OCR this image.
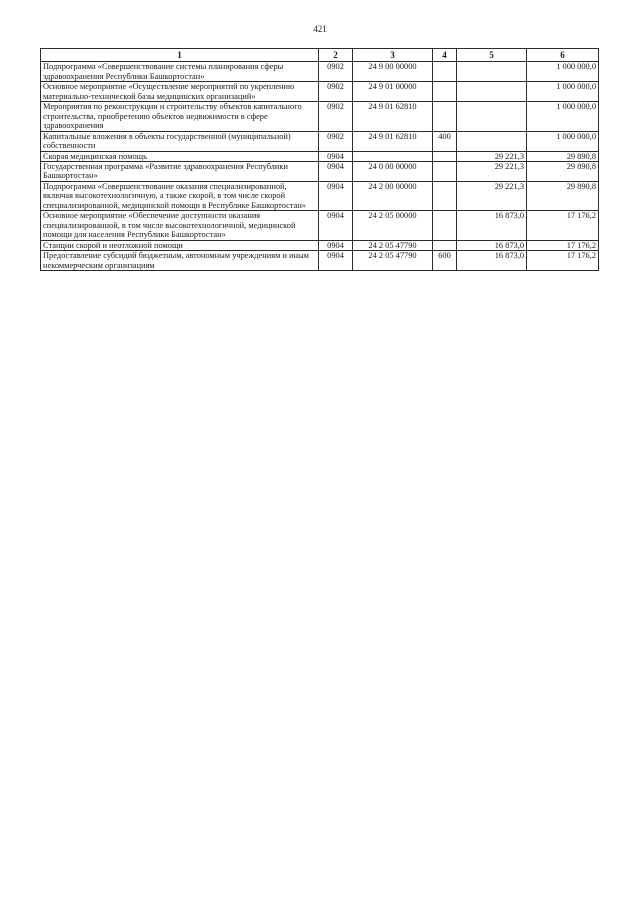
421
1	2	3	4	5	6
Подпрограмма «Совершенствование системы планирования сферы здравоохранения Республики Башкортостан»	0902	24 9 00 00000			1 000 000,0
Основное мероприятие «Осуществление мероприятий по укреплению материально-технической базы медицинских организаций»	0902	24 9 01 00000			1 000 000,0
Мероприятия по реконструкции и строительству объектов капитального строительства, приобретению объектов недвижимости в сфере здравоохранения	0902	24 9 01 62810			1 000 000,0
Капитальные вложения в объекты государственной (муниципальной) собственности	0902	24 9 01 62810	400		1 000 000,0
Скорая медицинская помощь	0904			29 221,3	29 890,8
Государственная программа «Развитие здравоохранения Республики Башкортостан»	0904	24 0 00 00000		29 221,3	29 890,8
Подпрограмма «Совершенствование оказания специализированной, включая высокотехнологичную, а также скорой, в том числе скорой специализированной, медицинской помощи в Республике Башкортостан»	0904	24 2 00 00000		29 221,3	29 890,8
Основное мероприятие «Обеспечение доступности оказания специализированной, в том числе высокотехнологичной, медицинской помощи для населения Республики Башкортостан»	0904	24 2 05 00000		16 873,0	17 176,2
Станции скорой и неотложной помощи	0904	24 2 05 47790		16 873,0	17 176,2
Предоставление субсидий бюджетным, автономным учреждениям и иным некоммерческим организациям	0904	24 2 05 47790	600	16 873,0	17 176,2
